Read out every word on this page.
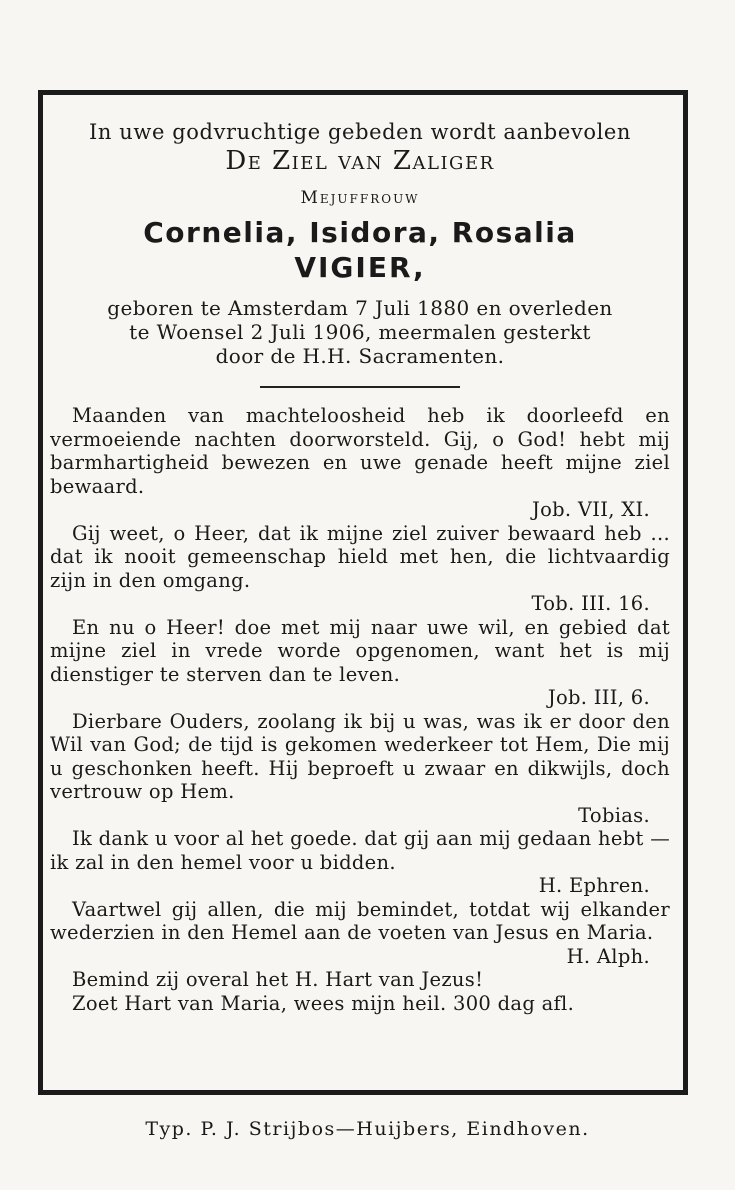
In uwe godvruchtige gebeden wordt aanbevolen
De Ziel van Zaliger
Mejuffrouw
Cornelia, Isidora, Rosalia
VIGIER,
geboren te Amsterdam 7 Juli 1880 en overleden
te Woensel 2 Juli 1906, meermalen gesterkt
door de H.H. Sacramenten.

Maanden van machteloosheid heb ik doorleefd en vermoeiende nachten doorworsteld. Gij, o God! hebt mij barmhartigheid bewezen en uwe genade heeft mijne ziel bewaard.

Job. VII, XI.

Gij weet, o Heer, dat ik mijne ziel zuiver bewaard heb ... dat ik nooit gemeenschap hield met hen, die lichtvaardig zijn in den omgang.

Tob. III. 16.

En nu o Heer! doe met mij naar uwe wil, en gebied dat mijne ziel in vrede worde opgenomen, want het is mij dienstiger te sterven dan te leven.

Job. III, 6.

Dierbare Ouders, zoolang ik bij u was, was ik er door den Wil van God; de tijd is gekomen wederkeer tot Hem, Die mij u geschonken heeft. Hij beproeft u zwaar en dikwijls, doch vertrouw op Hem.

Tobias.

Ik dank u voor al het goede. dat gij aan mij gedaan hebt — ik zal in den hemel voor u bidden.

H. Ephren.

Vaartwel gij allen, die mij bemindet, totdat wij elkander wederzien in den Hemel aan de voeten van Jesus en Maria.

H. Alph.

Bemind zij overal het H. Hart van Jezus!

Zoet Hart van Maria, wees mijn heil. 300 dag afl.

Typ. P. J. Strijbos—Huijbers, Eindhoven.
